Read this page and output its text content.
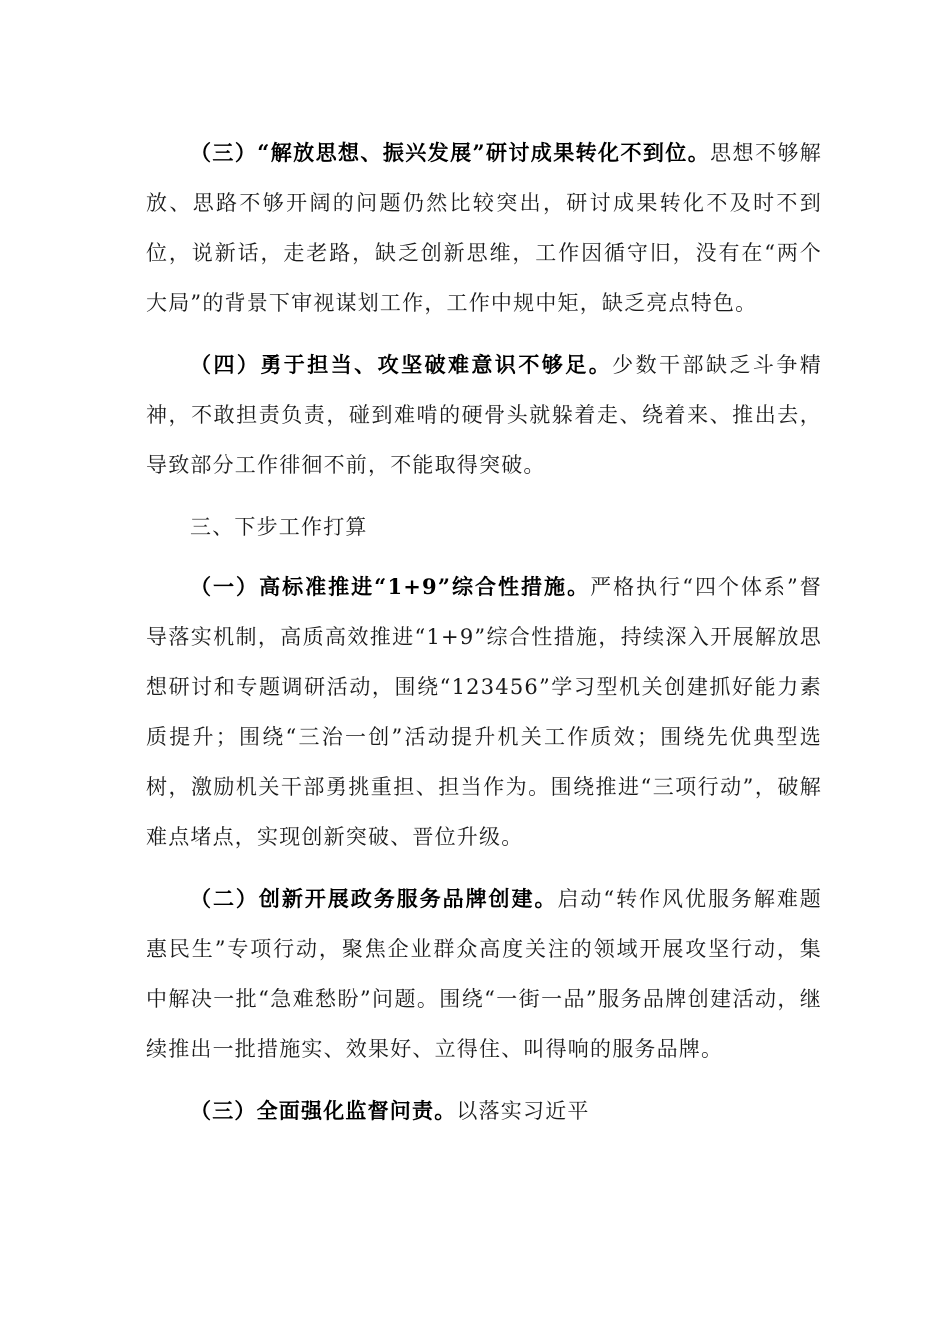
（三）“解放思想、振兴发展”研讨成果转化不到位。思想不够解放、思路不够开阔的问题仍然比较突出，研讨成果转化不及时不到位，说新话，走老路，缺乏创新思维，工作因循守旧，没有在“两个大局”的背景下审视谋划工作，工作中规中矩，缺乏亮点特色。

（四）勇于担当、攻坚破难意识不够足。少数干部缺乏斗争精神，不敢担责负责，碰到难啃的硬骨头就躲着走、绕着来、推出去，导致部分工作徘徊不前，不能取得突破。

三、下步工作打算

（一）高标准推进“1+9”综合性措施。严格执行“四个体系”督导落实机制，高质高效推进“1+9”综合性措施，持续深入开展解放思想研讨和专题调研活动，围绕“123456”学习型机关创建抓好能力素质提升；围绕“三治一创”活动提升机关工作质效；围绕先优典型选树，激励机关干部勇挑重担、担当作为。围绕推进“三项行动”，破解难点堵点，实现创新突破、晋位升级。

（二）创新开展政务服务品牌创建。启动“转作风优服务解难题惠民生”专项行动，聚焦企业群众高度关注的领域开展攻坚行动，集中解决一批“急难愁盼”问题。围绕“一街一品”服务品牌创建活动，继续推出一批措施实、效果好、立得住、叫得响的服务品牌。

（三）全面强化监督问责。以落实习近平
